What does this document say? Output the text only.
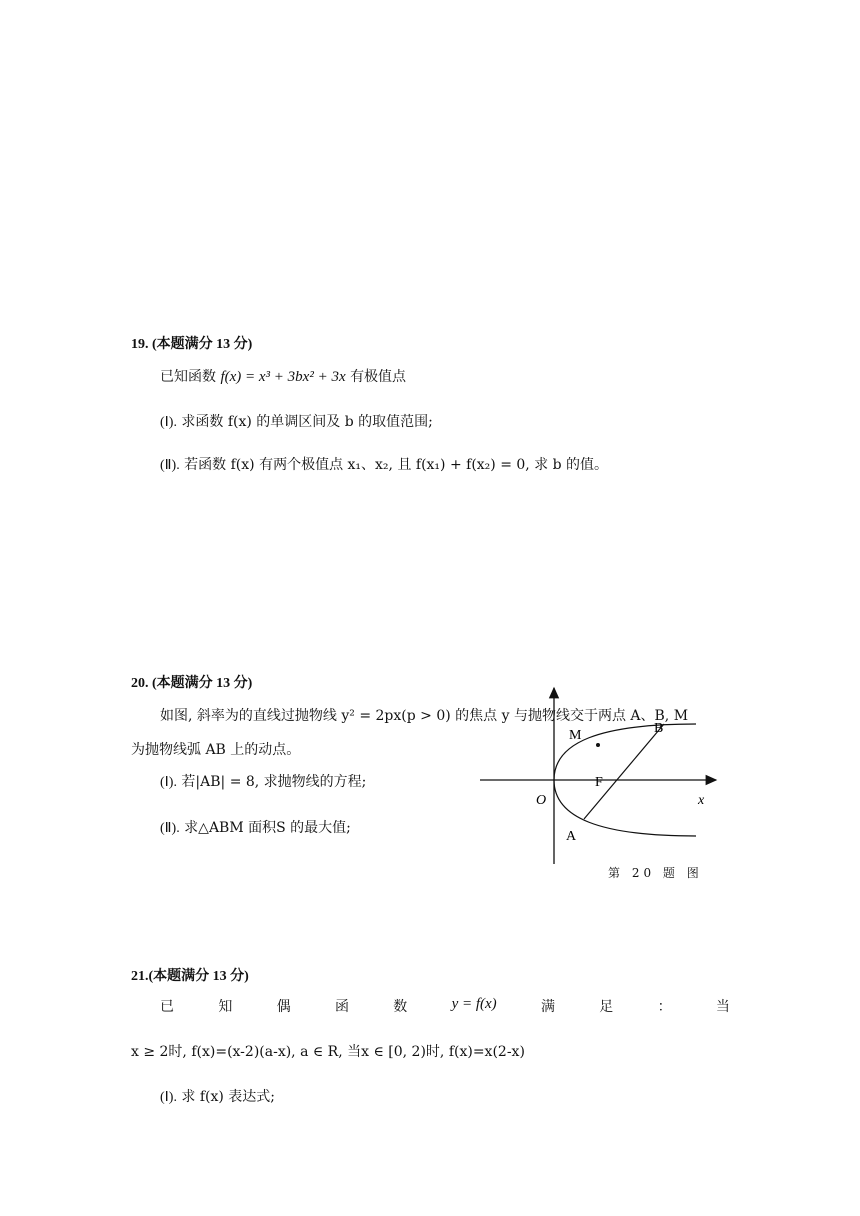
19. (本题满分 13 分)
已知函数 f(x) = x³ + 3bx² + 3x 有极值点
(Ⅰ). 求函数 f(x) 的单调区间及 b 的取值范围;
(Ⅱ). 若函数 f(x) 有两个极值点 x₁、x₂, 且 f(x₁) + f(x₂) = 0, 求 b 的值。
20. (本题满分 13 分)
如图, 斜率为的直线过抛物线 y² = 2px(p > 0) 的焦点 y 与抛物线交于两点 A、B, M
为抛物线弧 AB 上的动点。
(Ⅰ). 若|AB| = 8, 求抛物线的方程;
(Ⅱ). 求△ABM 面积S 的最大值;
B
M
F
O	x
A
第 20 题 图
21.(本题满分 13 分)
已	知	偶	函	数	y = f(x)	满	足	：	当
x ≥ 2时, f(x)=(x-2)(a-x), a ∈ R, 当x ∈ [0, 2)时, f(x)=x(2-x)
(Ⅰ). 求 f(x) 表达式;
